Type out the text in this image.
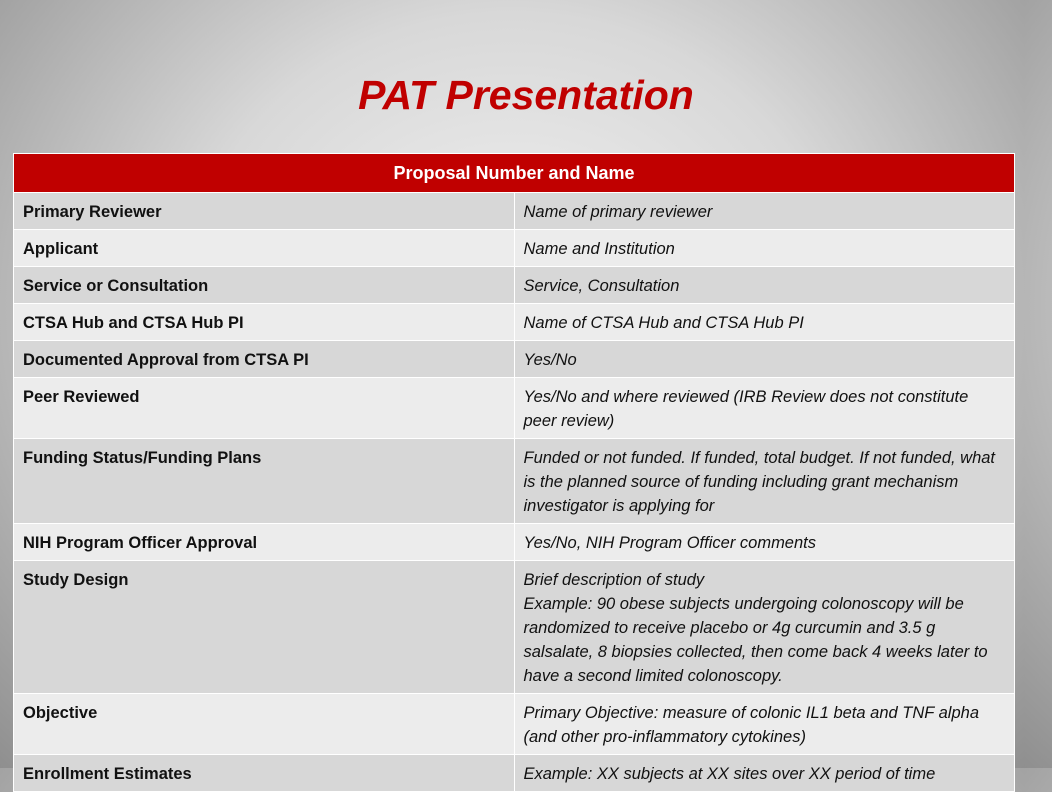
PAT Presentation
Proposal Number and Name	
Primary Reviewer	Name of primary reviewer
Applicant	Name and Institution
Service or Consultation	Service, Consultation
CTSA Hub and CTSA Hub PI	Name of CTSA Hub and CTSA Hub PI
Documented Approval from CTSA PI	Yes/No
Peer Reviewed	Yes/No and where reviewed (IRB Review does not constitute peer review)
Funding Status/Funding Plans	Funded or not funded. If funded, total budget. If not funded, what is the planned source of funding including grant mechanism investigator is applying for
NIH Program Officer Approval	Yes/No, NIH Program Officer comments
Study Design	Brief description of study
Example: 90 obese subjects undergoing colonoscopy will be randomized to receive placebo or 4g curcumin and 3.5 g salsalate, 8 biopsies collected, then come back 4 weeks later to have a second limited colonoscopy.

Objective	Primary Objective: measure of colonic IL1 beta and TNF alpha (and other pro-inflammatory cytokines)
Enrollment Estimates	Example: XX subjects at XX sites over XX period of time
